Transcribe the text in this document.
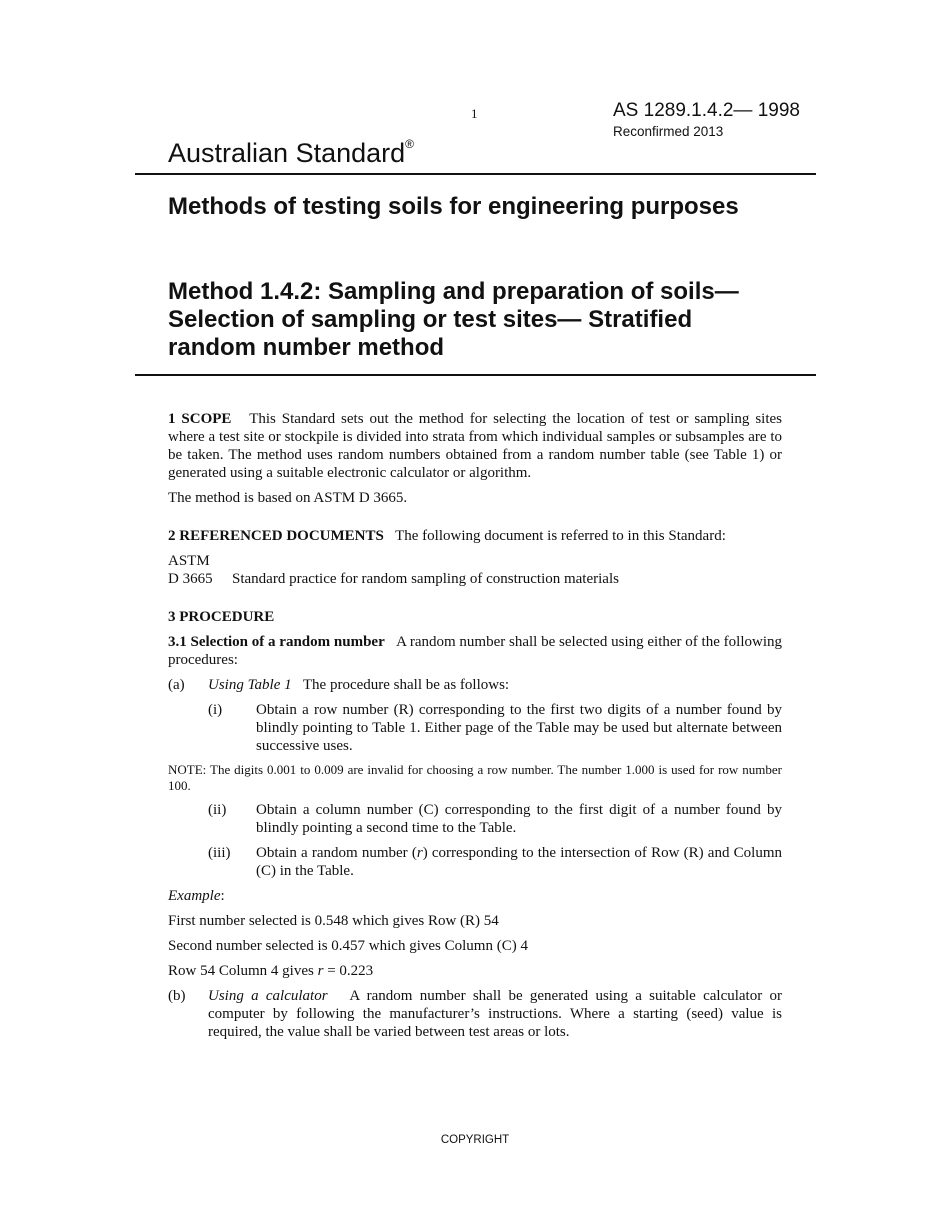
1	AS 1289.1.4.2— 1998
Reconfirmed 2013
Australian Standard®
Methods of testing soils for engineering purposes
Method 1.4.2: Sampling and preparation of soils— Selection of sampling or test sites— Stratified random number method

1 SCOPE This Standard sets out the method for selecting the location of test or sampling sites where a test site or stockpile is divided into strata from which individual samples or subsamples are to be taken. The method uses random numbers obtained from a random number table (see Table 1) or generated using a suitable electronic calculator or algorithm.

The method is based on ASTM D 3665.

2 REFERENCED DOCUMENTS The following document is referred to in this Standard:

ASTM

D 3665 Standard practice for random sampling of construction materials

3 PROCEDURE

3.1 Selection of a random number A random number shall be selected using either of the following procedures:

(a)	Using Table 1 The procedure shall be as follows:
(i)	Obtain a row number (R) corresponding to the first two digits of a number found by blindly pointing to Table 1. Either page of the Table may be used but alternate between successive uses.

NOTE: The digits 0.001 to 0.009 are invalid for choosing a row number. The number 1.000 is used for row number 100.

(ii)	Obtain a column number (C) corresponding to the first digit of a number found by blindly pointing a second time to the Table.
(iii)	Obtain a random number (r) corresponding to the intersection of Row (R) and Column (C) in the Table.

Example:

First number selected is 0.548 which gives Row (R) 54

Second number selected is 0.457 which gives Column (C) 4

Row 54 Column 4 gives r = 0.223

(b)	Using a calculator A random number shall be generated using a suitable calculator or computer by following the manufacturer’s instructions. Where a starting (seed) value is required, the value shall be varied between test areas or lots.
COPYRIGHT
